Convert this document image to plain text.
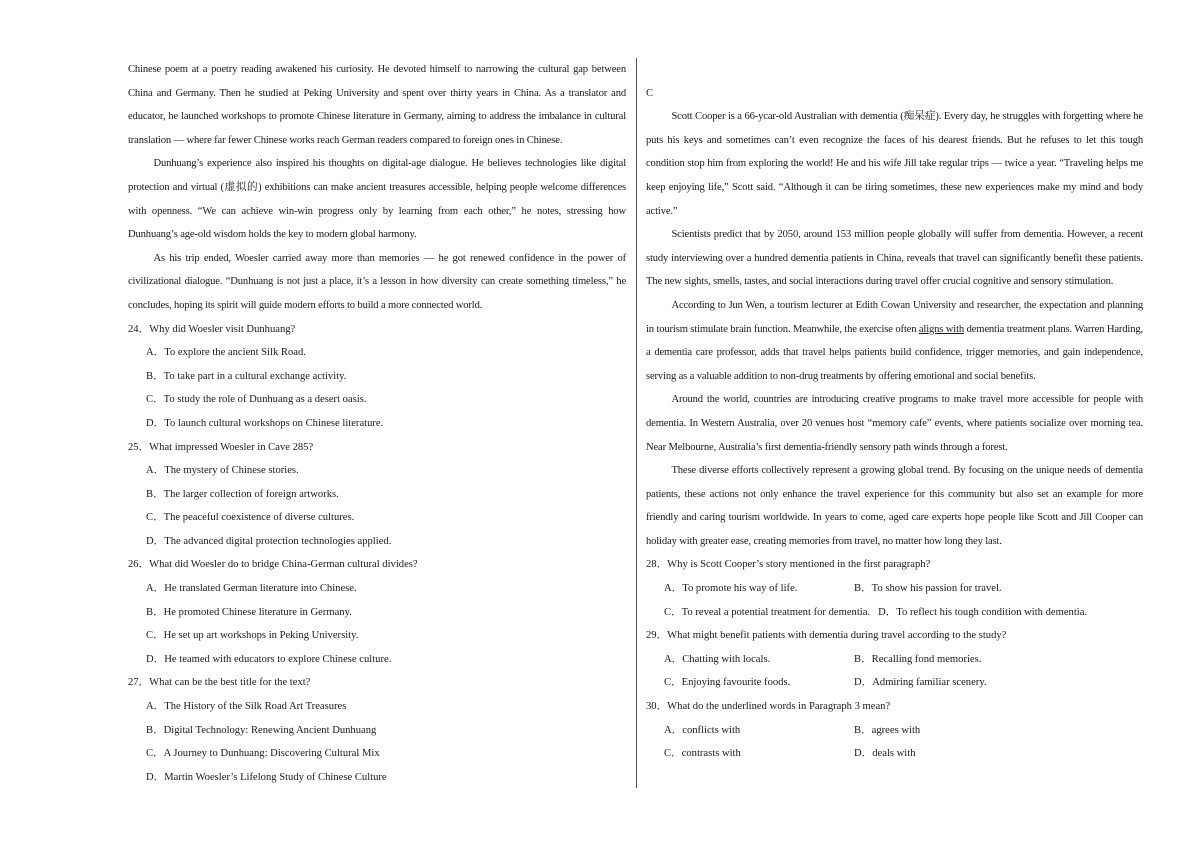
Chinese poem at a poetry reading awakened his curiosity. He devoted himself to narrowing the cultural gap between China and Germany. Then he studied at Peking University and spent over thirty years in China. As a translator and educator, he launched workshops to promote Chinese literature in Germany, aiming to address the imbalance in cultural translation — where far fewer Chinese works reach German readers compared to foreign ones in Chinese.

Dunhuang’s experience also inspired his thoughts on digital-age dialogue. He believes technologies like digital protection and virtual (虚拟的) exhibitions can make ancient treasures accessible, helping people welcome differences with openness. “We can achieve win-win progress only by learning from each other,” he notes, stressing how Dunhuang’s age-old wisdom holds the key to modern global harmony.

As his trip ended, Woesler carried away more than memories — he got renewed confidence in the power of civilizational dialogue. “Dunhuang is not just a place, it’s a lesson in how diversity can create something timeless,” he concludes, hoping its spirit will guide modern efforts to build a more connected world.

24．Why did Woesler visit Dunhuang?

A．To explore the ancient Silk Road.

B．To take part in a cultural exchange activity.

C．To study the role of Dunhuang as a desert oasis.

D．To launch cultural workshops on Chinese literature.

25．What impressed Woesler in Cave 285?

A．The mystery of Chinese stories.

B．The larger collection of foreign artworks.

C．The peaceful coexistence of diverse cultures.

D．The advanced digital protection technologies applied.

26．What did Woesler do to bridge China-German cultural divides?

A．He translated German literature into Chinese.

B．He promoted Chinese literature in Germany.

C．He set up art workshops in Peking University.

D．He teamed with educators to explore Chinese culture.

27．What can be the best title for the text?

A．The History of the Silk Road Art Treasures

B．Digital Technology: Renewing Ancient Dunhuang

C．A Journey to Dunhuang: Discovering Cultural Mix

D．Martin Woesler’s Lifelong Study of Chinese Culture

C

Scott Cooper is a 66-ycar-old Australian with dementia (痴呆症). Every day, he struggles with forgetting where he puts his keys and sometimes can’t even recognize the faces of his dearest friends. But he refuses to let this tough condition stop him from exploring the world! He and his wife Jill take regular trips — twice a year. “Traveling helps me keep enjoying life,” Scott said. “Although it can be tiring sometimes, these new experiences make my mind and body active.”

Scientists predict that by 2050, around 153 million people globally will suffer from dementia. However, a recent study interviewing over a hundred dementia patients in China, reveals that travel can significantly benefit these patients. The new sights, smells, tastes, and social interactions during travel offer crucial cognitive and sensory stimulation.

According to Jun Wen, a tourism lecturer at Edith Cowan University and researcher, the expectation and planning in tourism stimulate brain function. Meanwhile, the exercise often aligns with dementia treatment plans. Warren Harding, a dementia care professor, adds that travel helps patients build confidence, trigger memories, and gain independence, serving as a valuable addition to non-drug treatments by offering emotional and social benefits.

Around the world, countries are introducing creative programs to make travel more accessible for people with dementia. In Western Australia, over 20 venues host “memory cafe” events, where patients socialize over morning tea. Near Melbourne, Australia’s first dementia-friendly sensory path winds through a forest.

These diverse efforts collectively represent a growing global trend. By focusing on the unique needs of dementia patients, these actions not only enhance the travel experience for this community but also set an example for more friendly and caring tourism worldwide. In years to come, aged care experts hope people like Scott and Jill Cooper can holiday with greater ease, creating memories from travel, no matter how long they last.

28．Why is Scott Cooper’s story mentioned in the first paragraph?

A．To promote his way of life.	B．To show his passion for travel.
C．To reveal a potential treatment for dementia. D．To reflect his tough condition with dementia.

29．What might benefit patients with dementia during travel according to the study?

A．Chatting with locals.	B．Recalling fond memories.
C．Enjoying favourite foods.	D．Admiring familiar scenery.

30．What do the underlined words in Paragraph 3 mean?

A．conflicts with	B．agrees with
C．contrasts with	D．deals with
